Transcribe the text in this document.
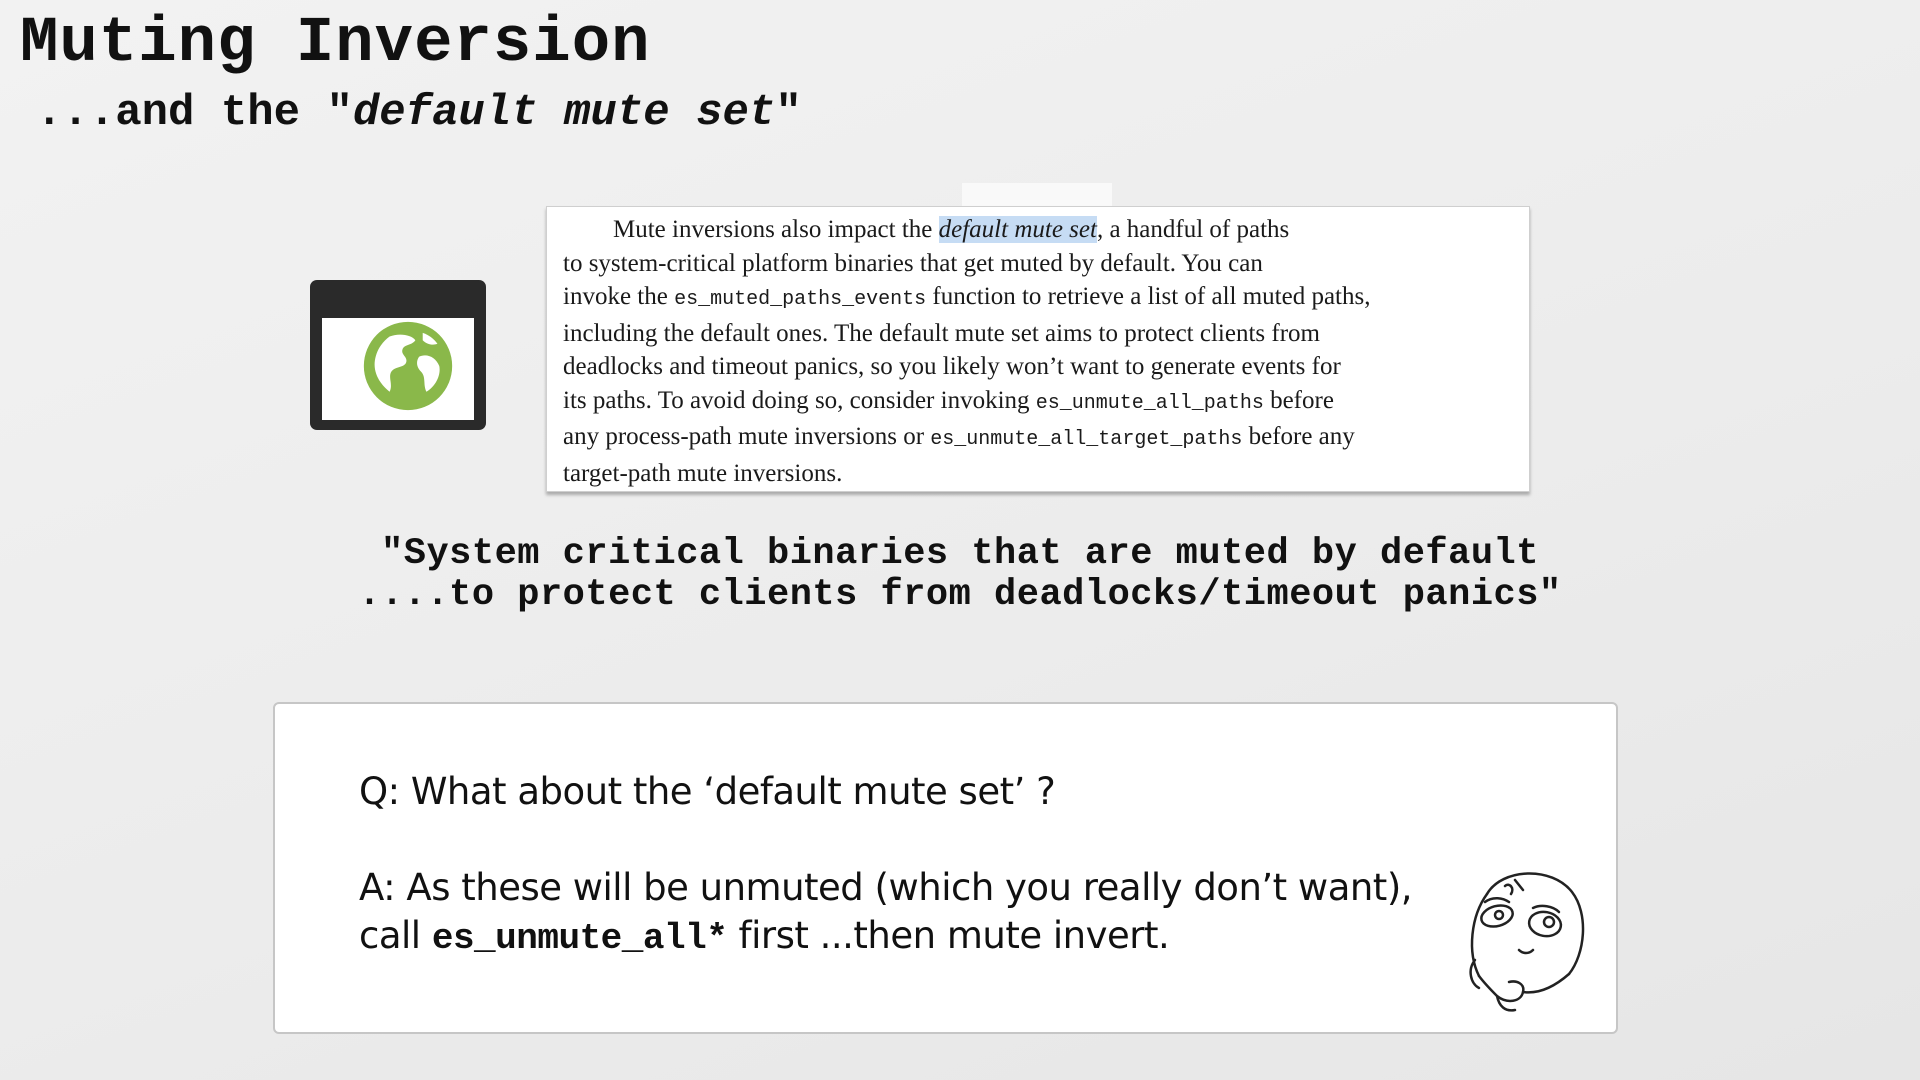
Muting Inversion
...and the "default mute set"
Mute inversions also impact the default mute set, a handful of paths
to system-critical platform binaries that get muted by default. You can
invoke the es_muted_paths_events function to retrieve a list of all muted paths,
including the default ones. The default mute set aims to protect clients from
deadlocks and timeout panics, so you likely won’t want to generate events for
its paths. To avoid doing so, consider invoking es_unmute_all_paths before
any process-path mute inversions or es_unmute_all_target_paths before any
target-path mute inversions.
"System critical binaries that are muted by default
....to protect clients from deadlocks/timeout panics"
Q: What about the ‘default mute set’ ?
A: As these will be unmuted (which you really don’t want),
call es_unmute_all* first ...then mute invert.
